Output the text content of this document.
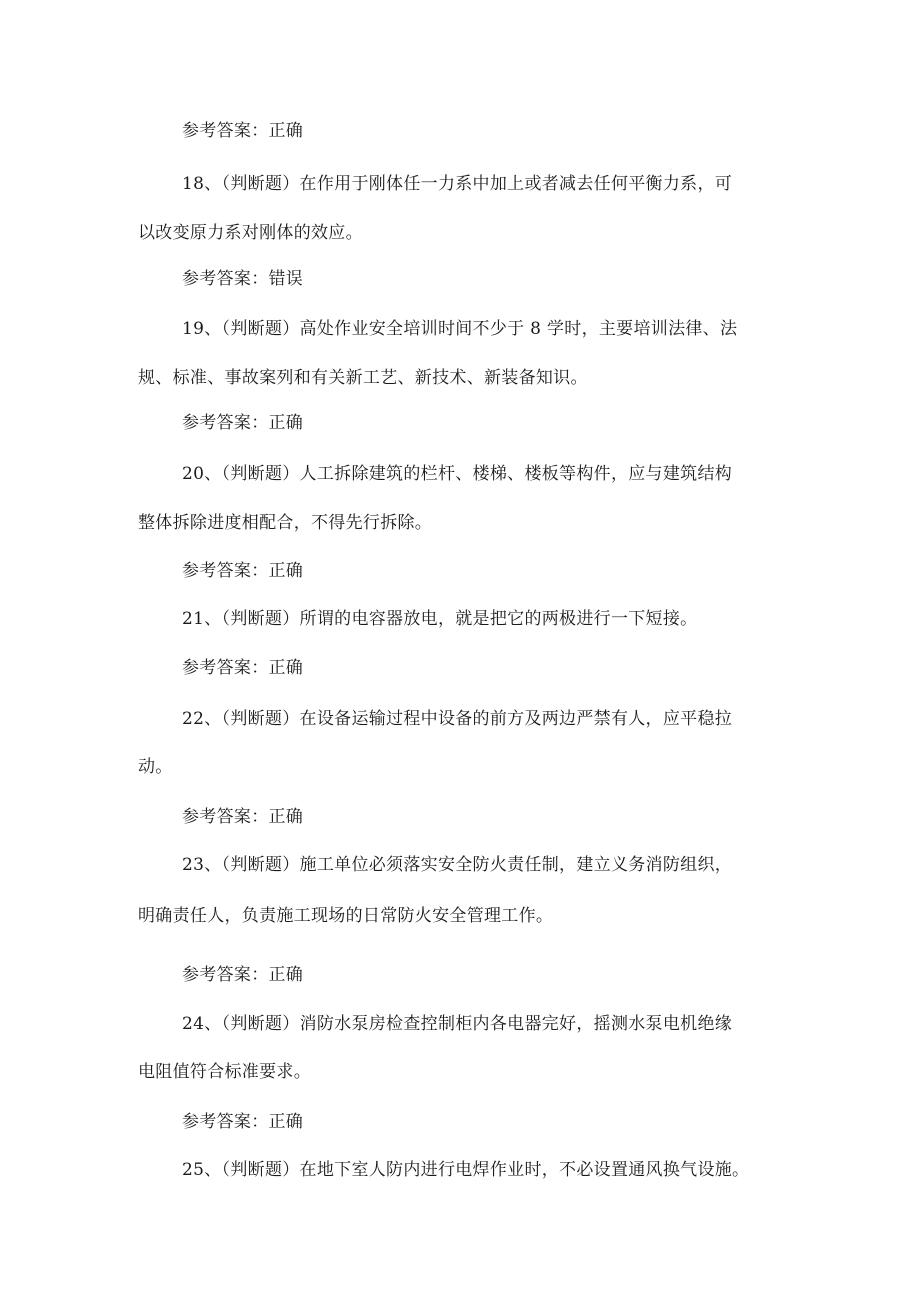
参考答案：正确
18、（判断题）在作用于刚体任一力系中加上或者减去任何平衡力系，可
以改变原力系对刚体的效应。
参考答案：错误
19、（判断题）高处作业安全培训时间不少于 8 学时，主要培训法律、法
规、标准、事故案列和有关新工艺、新技术、新装备知识。
参考答案：正确
20、（判断题）人工拆除建筑的栏杆、楼梯、楼板等构件，应与建筑结构
整体拆除进度相配合，不得先行拆除。
参考答案：正确
21、（判断题）所谓的电容器放电，就是把它的两极进行一下短接。
参考答案：正确
22、（判断题）在设备运输过程中设备的前方及两边严禁有人，应平稳拉
动。
参考答案：正确
23、（判断题）施工单位必须落实安全防火责任制，建立义务消防组织，
明确责任人，负责施工现场的日常防火安全管理工作。
参考答案：正确
24、（判断题）消防水泵房检查控制柜内各电器完好，摇测水泵电机绝缘
电阻值符合标准要求。
参考答案：正确
25、（判断题）在地下室人防内进行电焊作业时，不必设置通风换气设施。
